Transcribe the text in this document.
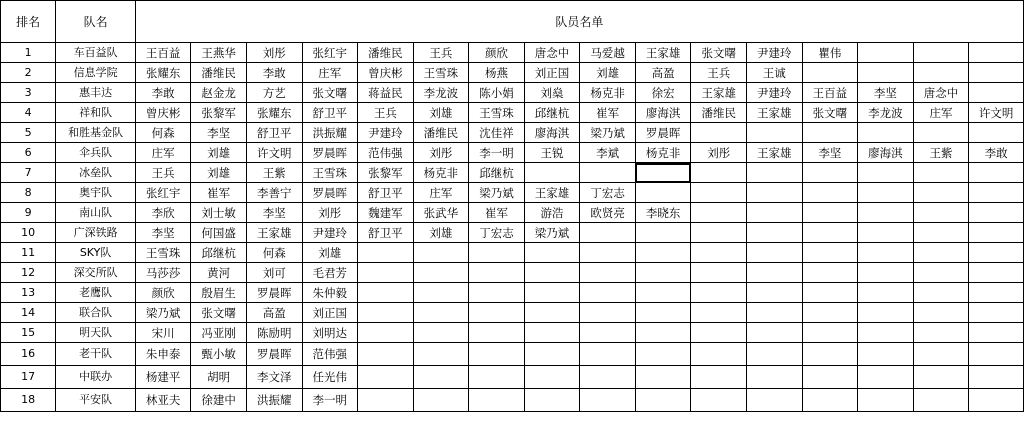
排名	队名	队员名单															
1	车百益队	王百益	王燕华	刘彤	张红宇	潘维民	王兵	颜欣	唐念中	马爱越	王家雄	张文曙	尹建玲	瞿伟			
2	信息学院	张耀东	潘维民	李敢	庄军	曾庆彬	王雪珠	杨燕	刘正国	刘雄	高盈	王兵	王诚				
3	惠丰达	李敢	赵金龙	方艺	张文曙	蒋益民	李龙波	陈小娟	刘燊	杨克非	徐宏	王家雄	尹建玲	王百益	李坚	唐念中	
4	祥和队	曾庆彬	张黎军	张耀东	舒卫平	王兵	刘雄	王雪珠	邱继杭	崔军	廖海淇	潘维民	王家雄	张文曙	李龙波	庄军	许文明
5	和胜基金队	何森	李坚	舒卫平	洪振耀	尹建玲	潘维民	沈佳祥	廖海淇	梁乃斌	罗晨晖						
6	伞兵队	庄军	刘雄	许文明	罗晨晖	范伟强	刘彤	李一明	王锐	李斌	杨克非	刘彤	王家雄	李坚	廖海淇	王紫	李敢
7	冰垒队	王兵	刘雄	王紫	王雪珠	张黎军	杨克非	邱继杭									
8	奥宇队	张红宇	崔军	李善宁	罗晨晖	舒卫平	庄军	梁乃斌	王家雄	丁宏志							
9	南山队	李欣	刘士敏	李坚	刘彤	魏建军	张武华	崔军	游浩	欧贤亮	李晓东						
10	广深铁路	李坚	何国盛	王家雄	尹建玲	舒卫平	刘雄	丁宏志	梁乃斌								
11	SKY队	王雪珠	邱继杭	何森	刘雄												
12	深交所队	马莎莎	黄河	刘可	毛君芳												
13	老鹰队	颜欣	殷眉生	罗晨晖	朱仲毅												
14	联合队	梁乃斌	张文曙	高盈	刘正国												
15	明天队	宋川	冯亚刚	陈励明	刘明达												
16	老干队	朱申泰	甄小敏	罗晨晖	范伟强												
17	中联办	杨建平	胡明	李文泽	任光伟												
18	平安队	林亚夫	徐建中	洪振耀	李一明												
